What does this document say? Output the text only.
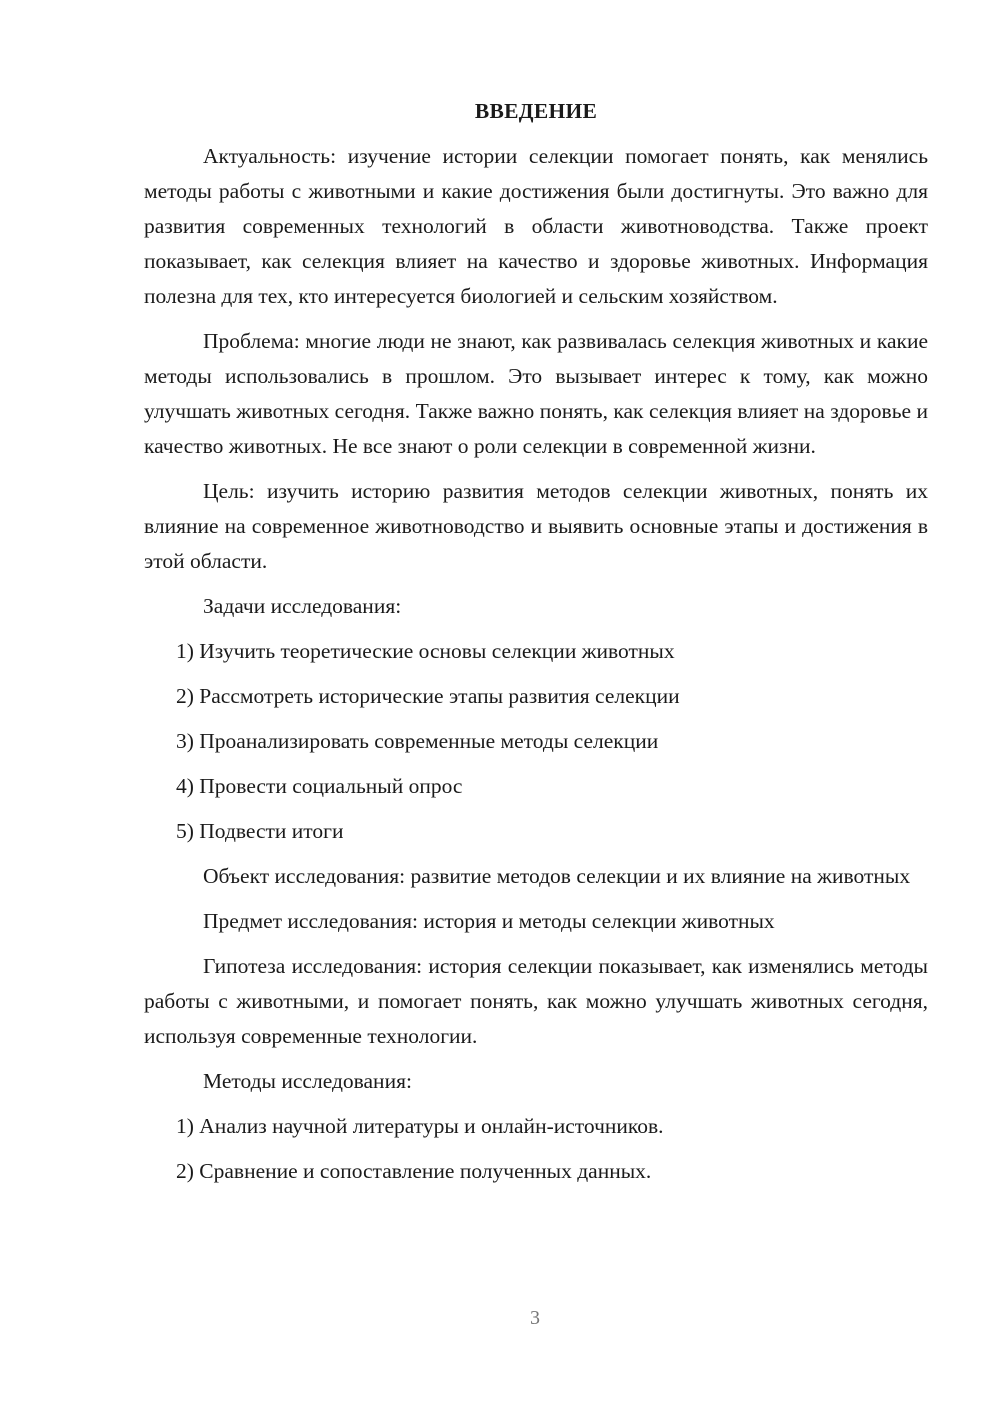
ВВЕДЕНИЕ

Актуальность: изучение истории селекции помогает понять, как менялись методы работы с животными и какие достижения были достигнуты. Это важно для развития современных технологий в области животноводства. Также проект показывает, как селекция влияет на качество и здоровье животных. Информация полезна для тех, кто интересуется биологией и сельским хозяйством.

Проблема: многие люди не знают, как развивалась селекция животных и какие методы использовались в прошлом. Это вызывает интерес к тому, как можно улучшать животных сегодня. Также важно понять, как селекция влияет на здоровье и качество животных. Не все знают о роли селекции в современной жизни.

Цель: изучить историю развития методов селекции животных, понять их влияние на современное животноводство и выявить основные этапы и достижения в этой области.

Задачи исследования:

1) Изучить теоретические основы селекции животных
2) Рассмотреть исторические этапы развития селекции
3) Проанализировать современные методы селекции
4) Провести социальный опрос
5) Подвести итоги

Объект исследования: развитие методов селекции и их влияние на животных

Предмет исследования: история и методы селекции животных

Гипотеза исследования: история селекции показывает, как изменялись методы работы с животными, и помогает понять, как можно улучшать животных сегодня, используя современные технологии.

Методы исследования:

1) Анализ научной литературы и онлайн-источников.
2) Сравнение и сопоставление полученных данных.
3
